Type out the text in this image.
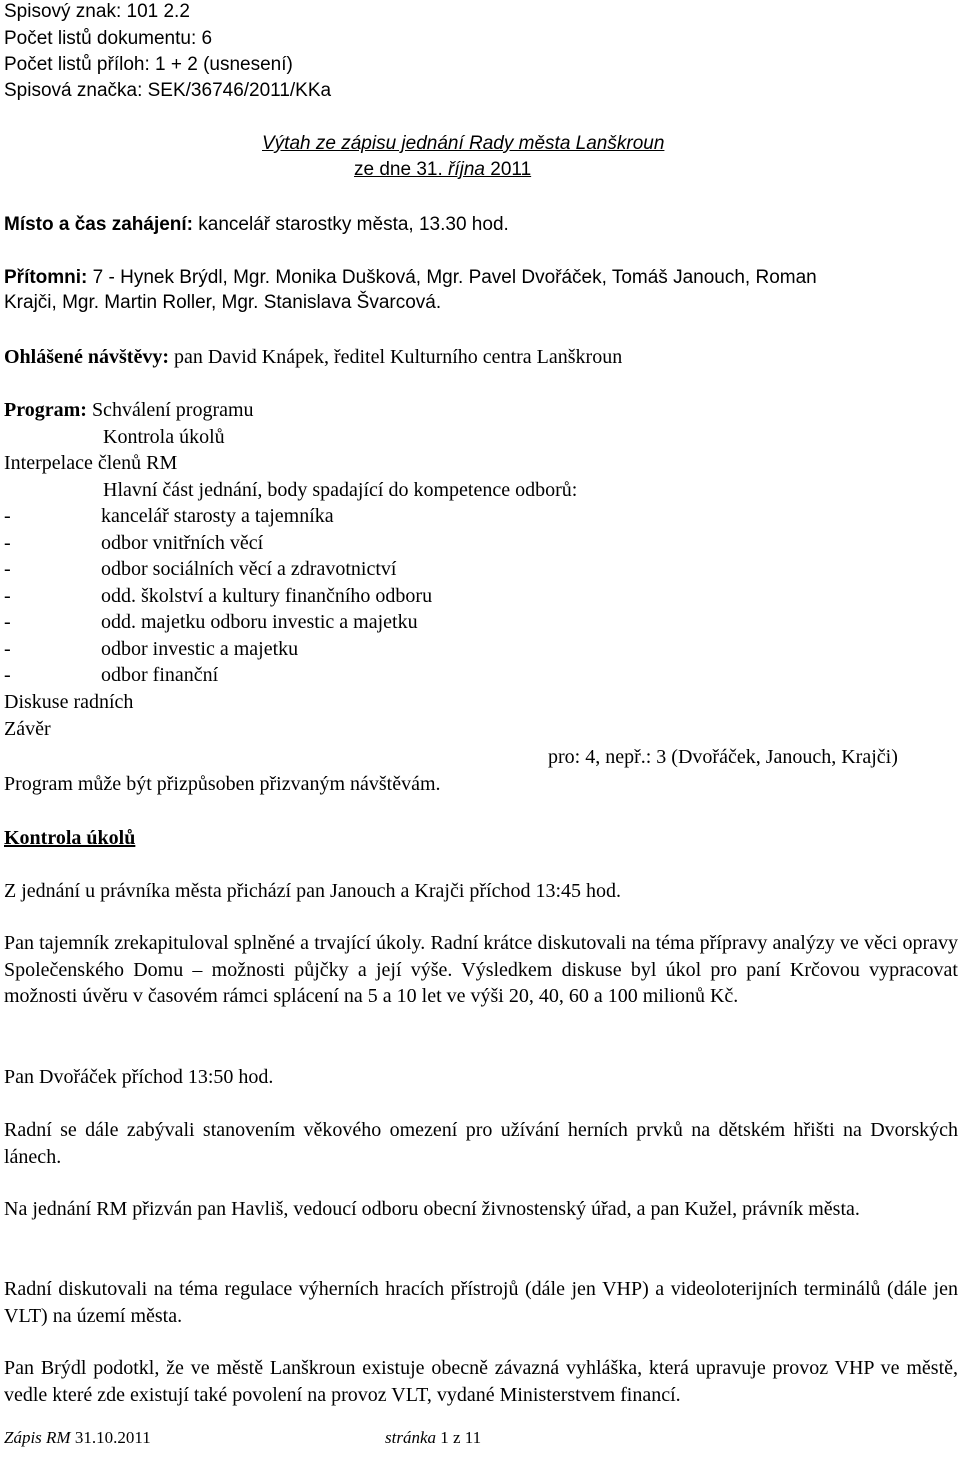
Spisový znak: 101 2.2
Počet listů dokumentu: 6
Počet listů příloh: 1 + 2 (usnesení)
Spisová značka: SEK/36746/2011/KKa
Výtah ze zápisu jednání Rady města Lanškroun
ze dne 31. října 2011
Místo a čas zahájení: kancelář starostky města, 13.30 hod.
Přítomni: 7 - Hynek Brýdl, Mgr. Monika Dušková, Mgr. Pavel Dvořáček, Tomáš Janouch, Roman
Krajči, Mgr. Martin Roller, Mgr. Stanislava Švarcová.
Ohlášené návštěvy: pan David Knápek, ředitel Kulturního centra Lanškroun
Program: Schválení programu
Kontrola úkolů
Interpelace členů RM
Hlavní část jednání, body spadající do kompetence odborů:
-	kancelář starosty a tajemníka
-	odbor vnitřních věcí
-	odbor sociálních věcí a zdravotnictví
-	odd. školství a kultury finančního odboru
-	odd. majetku odboru investic a majetku
-	odbor investic a majetku
-	odbor finanční
Diskuse radních
Závěr
pro: 4, nepř.: 3 (Dvořáček, Janouch, Krajči)
Program může být přizpůsoben přizvaným návštěvám.
Kontrola úkolů
Z jednání u právníka města přichází pan Janouch a Krajči příchod 13:45 hod.
Pan tajemník zrekapituloval splněné a trvající úkoly. Radní krátce diskutovali na téma přípravy analýzy ve věci opravy Společenského Domu – možnosti půjčky a její výše. Výsledkem diskuse byl úkol pro paní Krčovou vypracovat možnosti úvěru v časovém rámci splácení na 5 a 10 let ve výši 20, 40, 60 a 100 milionů Kč.
Pan Dvořáček příchod 13:50 hod.
Radní se dále zabývali stanovením věkového omezení pro užívání herních prvků na dětském hřišti na Dvorských lánech.
Na jednání RM přizván pan Havliš, vedoucí odboru obecní živnostenský úřad, a pan Kužel, právník města.
Radní diskutovali na téma regulace výherních hracích přístrojů (dále jen VHP) a videoloterijních terminálů (dále jen VLT) na území města.
Pan Brýdl podotkl, že ve městě Lanškroun existuje obecně závazná vyhláška, která upravuje provoz VHP ve městě, vedle které zde existují také povolení na provoz VLT, vydané Ministerstvem financí.
Zápis RM 31.10.2011	stránka 1 z 11
